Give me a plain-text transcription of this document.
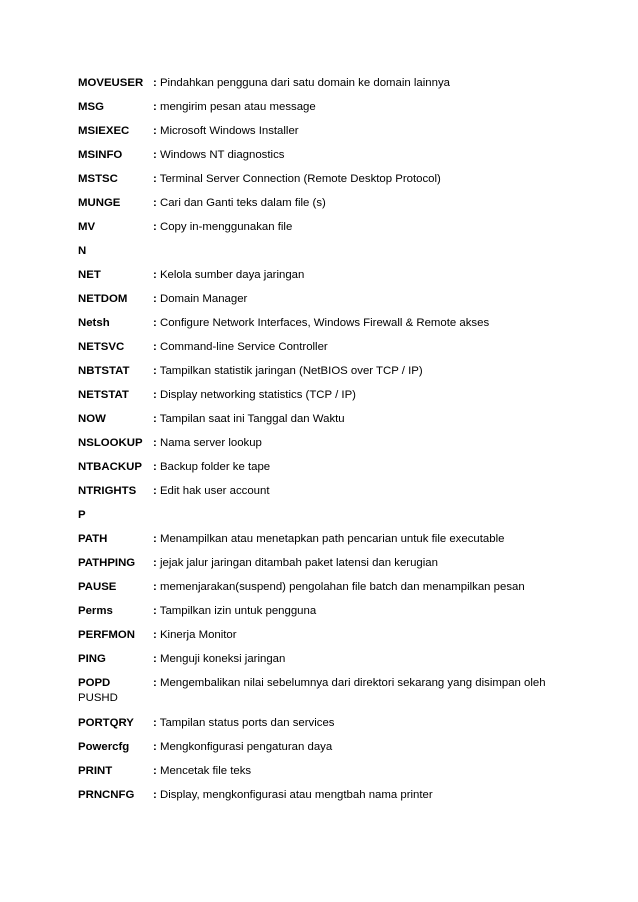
MOVEUSER : Pindahkan pengguna dari satu domain ke domain lainnya
MSG	: mengirim pesan atau message
MSIEXEC : Microsoft Windows Installer
MSINFO	: Windows NT diagnostics
MSTSC	: Terminal Server Connection (Remote Desktop Protocol)
MUNGE	: Cari dan Ganti teks dalam file (s)
MV	: Copy in-menggunakan file
N
NET	: Kelola sumber daya jaringan
NETDOM : Domain Manager
Netsh	: Configure Network Interfaces, Windows Firewall & Remote akses
NETSVC	: Command-line Service Controller
NBTSTAT : Tampilkan statistik jaringan (NetBIOS over TCP / IP)
NETSTAT : Display networking statistics (TCP / IP)
NOW	: Tampilan saat ini Tanggal dan Waktu
NSLOOKUP : Nama server lookup
NTBACKUP : Backup folder ke tape
NTRIGHTS : Edit hak user account
P
PATH	: Menampilkan atau menetapkan path pencarian untuk file executable
PATHPING : jejak jalur jaringan ditambah paket latensi dan kerugian
PAUSE	: memenjarakan(suspend) pengolahan file batch dan menampilkan pesan
Perms	: Tampilkan izin untuk pengguna
PERFMON : Kinerja Monitor
PING	: Menguji koneksi jaringan
POPD	: Mengembalikan nilai sebelumnya dari direktori sekarang yang disimpan oleh
PUSHD
PORTQRY : Tampilan status ports dan services
Powercfg : Mengkonfigurasi pengaturan daya
PRINT	: Mencetak file teks
PRNCNFG : Display, mengkonfigurasi atau mengtbah nama printer
